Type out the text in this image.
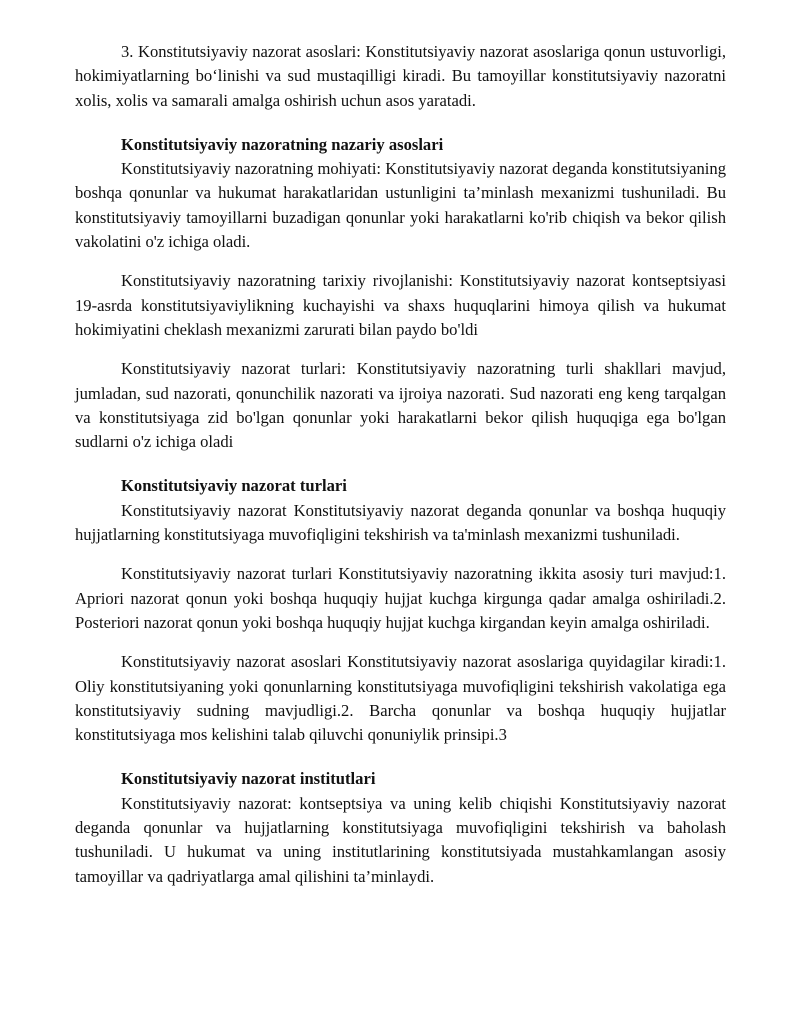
3. Konstitutsiyaviy nazorat asoslari: Konstitutsiyaviy nazorat asoslariga qonun ustuvorligi, hokimiyatlarning bo‘linishi va sud mustaqilligi kiradi. Bu tamoyillar konstitutsiyaviy nazoratni xolis, xolis va samarali amalga oshirish uchun asos yaratadi.

Konstitutsiyaviy nazoratning nazariy asoslari

Konstitutsiyaviy nazoratning mohiyati: Konstitutsiyaviy nazorat deganda konstitutsiyaning boshqa qonunlar va hukumat harakatlaridan ustunligini ta’minlash mexanizmi tushuniladi. Bu konstitutsiyaviy tamoyillarni buzadigan qonunlar yoki harakatlarni ko'rib chiqish va bekor qilish vakolatini o'z ichiga oladi.

Konstitutsiyaviy nazoratning tarixiy rivojlanishi: Konstitutsiyaviy nazorat kontseptsiyasi 19-asrda konstitutsiyaviylikning kuchayishi va shaxs huquqlarini himoya qilish va hukumat hokimiyatini cheklash mexanizmi zarurati bilan paydo bo'ldi

Konstitutsiyaviy nazorat turlari: Konstitutsiyaviy nazoratning turli shakllari mavjud, jumladan, sud nazorati, qonunchilik nazorati va ijroiya nazorati. Sud nazorati eng keng tarqalgan va konstitutsiyaga zid bo'lgan qonunlar yoki harakatlarni bekor qilish huquqiga ega bo'lgan sudlarni o'z ichiga oladi

Konstitutsiyaviy nazorat turlari

Konstitutsiyaviy nazorat Konstitutsiyaviy nazorat deganda qonunlar va boshqa huquqiy hujjatlarning konstitutsiyaga muvofiqligini tekshirish va ta'minlash mexanizmi tushuniladi.

Konstitutsiyaviy nazorat turlari Konstitutsiyaviy nazoratning ikkita asosiy turi mavjud:1. Apriori nazorat qonun yoki boshqa huquqiy hujjat kuchga kirgunga qadar amalga oshiriladi.2. Posteriori nazorat qonun yoki boshqa huquqiy hujjat kuchga kirgandan keyin amalga oshiriladi.

Konstitutsiyaviy nazorat asoslari Konstitutsiyaviy nazorat asoslariga quyidagilar kiradi:1. Oliy konstitutsiyaning yoki qonunlarning konstitutsiyaga muvofiqligini tekshirish vakolatiga ega konstitutsiyaviy sudning mavjudligi.2. Barcha qonunlar va boshqa huquqiy hujjatlar konstitutsiyaga mos kelishini talab qiluvchi qonuniylik prinsipi.3

Konstitutsiyaviy nazorat institutlari

Konstitutsiyaviy nazorat: kontseptsiya va uning kelib chiqishi Konstitutsiyaviy nazorat deganda qonunlar va hujjatlarning konstitutsiyaga muvofiqligini tekshirish va baholash tushuniladi. U hukumat va uning institutlarining konstitutsiyada mustahkamlangan asosiy tamoyillar va qadriyatlarga amal qilishini ta’minlaydi.
